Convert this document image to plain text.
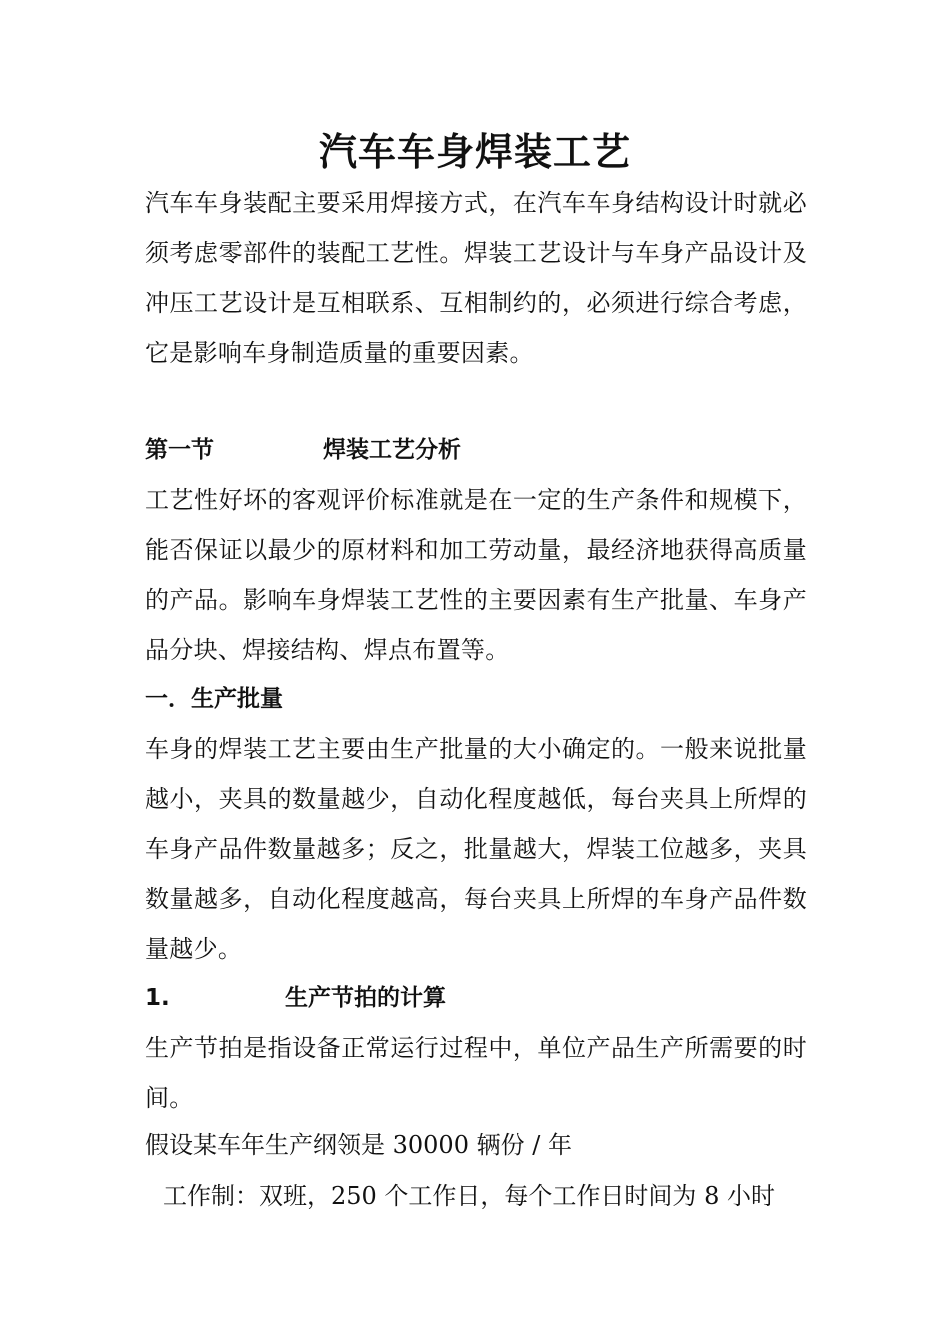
汽车车身焊装工艺
汽车车身装配主要采用焊接方式，在汽车车身结构设计时就必须考虑零部件的装配工艺性。焊装工艺设计与车身产品设计及冲压工艺设计是互相联系、互相制约的，必须进行综合考虑，它是影响车身制造质量的重要因素。
第一节	焊装工艺分析
工艺性好坏的客观评价标准就是在一定的生产条件和规模下，能否保证以最少的原材料和加工劳动量，最经济地获得高质量的产品。影响车身焊装工艺性的主要因素有生产批量、车身产品分块、焊接结构、焊点布置等。
一．生产批量
车身的焊装工艺主要由生产批量的大小确定的。一般来说批量越小，夹具的数量越少，自动化程度越低，每台夹具上所焊的车身产品件数量越多；反之，批量越大，焊装工位越多，夹具数量越多，自动化程度越高，每台夹具上所焊的车身产品件数量越少。
1.	生产节拍的计算
生产节拍是指设备正常运行过程中，单位产品生产所需要的时间。
假设某车年生产纲领是 30000 辆份 / 年
工作制：双班，250 个工作日，每个工作日时间为 8 小时
